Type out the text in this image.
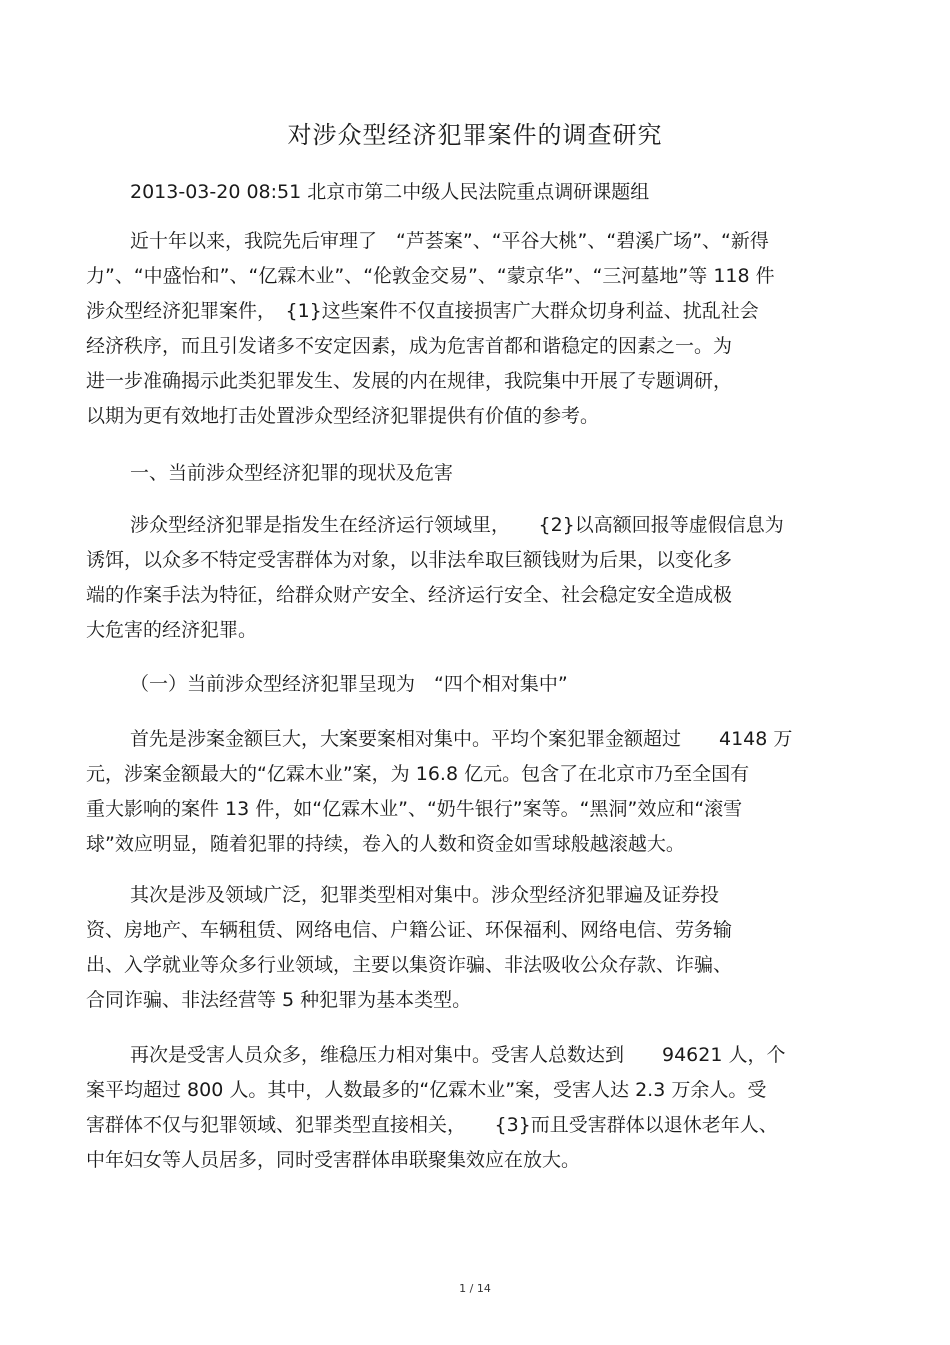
对涉众型经济犯罪案件的调查研究
2013-03-20 08:51 北京市第二中级人民法院重点调研课题组
近十年以来，我院先后审理了　“芦荟案”、“平谷大桃”、“碧溪广场”、“新得
力”、“中盛怡和”、“亿霖木业”、“伦敦金交易”、“蒙京华”、“三河墓地”等 118 件
涉众型经济犯罪案件，　{1}这些案件不仅直接损害广大群众切身利益、扰乱社会
经济秩序，而且引发诸多不安定因素，成为危害首都和谐稳定的因素之一。为
进一步准确揭示此类犯罪发生、发展的内在规律，我院集中开展了专题调研，
以期为更有效地打击处置涉众型经济犯罪提供有价值的参考。
一、当前涉众型经济犯罪的现状及危害
涉众型经济犯罪是指发生在经济运行领域里，　　{2}以高额回报等虚假信息为
诱饵，以众多不特定受害群体为对象，以非法牟取巨额钱财为后果，以变化多
端的作案手法为特征，给群众财产安全、经济运行安全、社会稳定安全造成极
大危害的经济犯罪。
（一）当前涉众型经济犯罪呈现为　“四个相对集中”
首先是涉案金额巨大，大案要案相对集中。平均个案犯罪金额超过　　4148 万
元，涉案金额最大的“亿霖木业”案，为 16.8 亿元。包含了在北京市乃至全国有
重大影响的案件 13 件，如“亿霖木业”、“奶牛银行”案等。“黑洞”效应和“滚雪
球”效应明显，随着犯罪的持续，卷入的人数和资金如雪球般越滚越大。
其次是涉及领域广泛，犯罪类型相对集中。涉众型经济犯罪遍及证券投
资、房地产、车辆租赁、网络电信、户籍公证、环保福利、网络电信、劳务输
出、入学就业等众多行业领域，主要以集资诈骗、非法吸收公众存款、诈骗、
合同诈骗、非法经营等 5 种犯罪为基本类型。
再次是受害人员众多，维稳压力相对集中。受害人总数达到　　94621 人，个
案平均超过 800 人。其中，人数最多的“亿霖木业”案，受害人达 2.3 万余人。受
害群体不仅与犯罪领域、犯罪类型直接相关，　　{3}而且受害群体以退休老年人、
中年妇女等人员居多，同时受害群体串联聚集效应在放大。
1 / 14
